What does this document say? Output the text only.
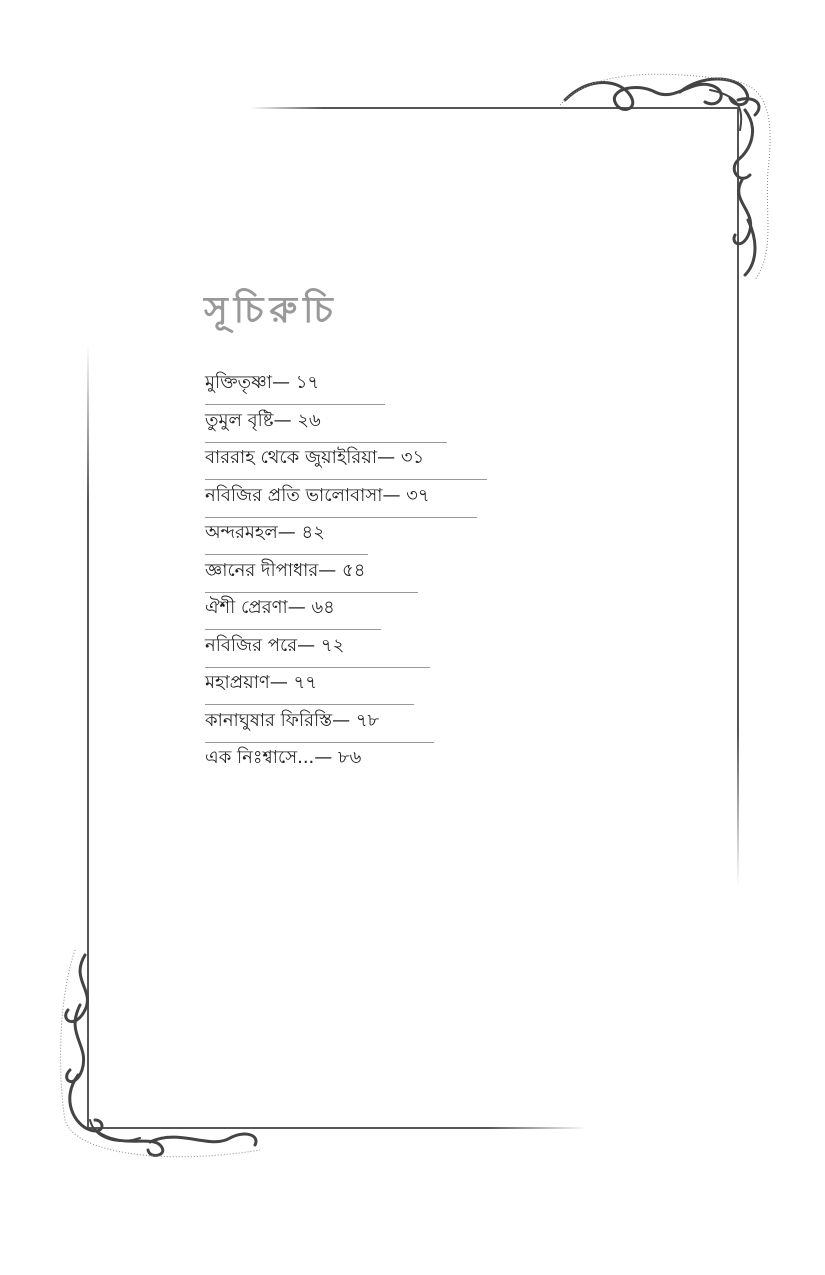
সূচিরুচি
মুক্তিতৃষ্ণা— ১৭
তুমুল বৃষ্টি— ২৬
বাররাহ থেকে জুয়াইরিয়া— ৩১
নবিজির প্রতি ভালোবাসা— ৩৭
অন্দরমহল— ৪২
জ্ঞানের দীপাধার— ৫৪
ঐশী প্রেরণা— ৬৪
নবিজির পরে— ৭২
মহাপ্রয়াণ— ৭৭
কানাঘুষার ফিরিস্তি— ৭৮
এক নিঃশ্বাসে...— ৮৬
